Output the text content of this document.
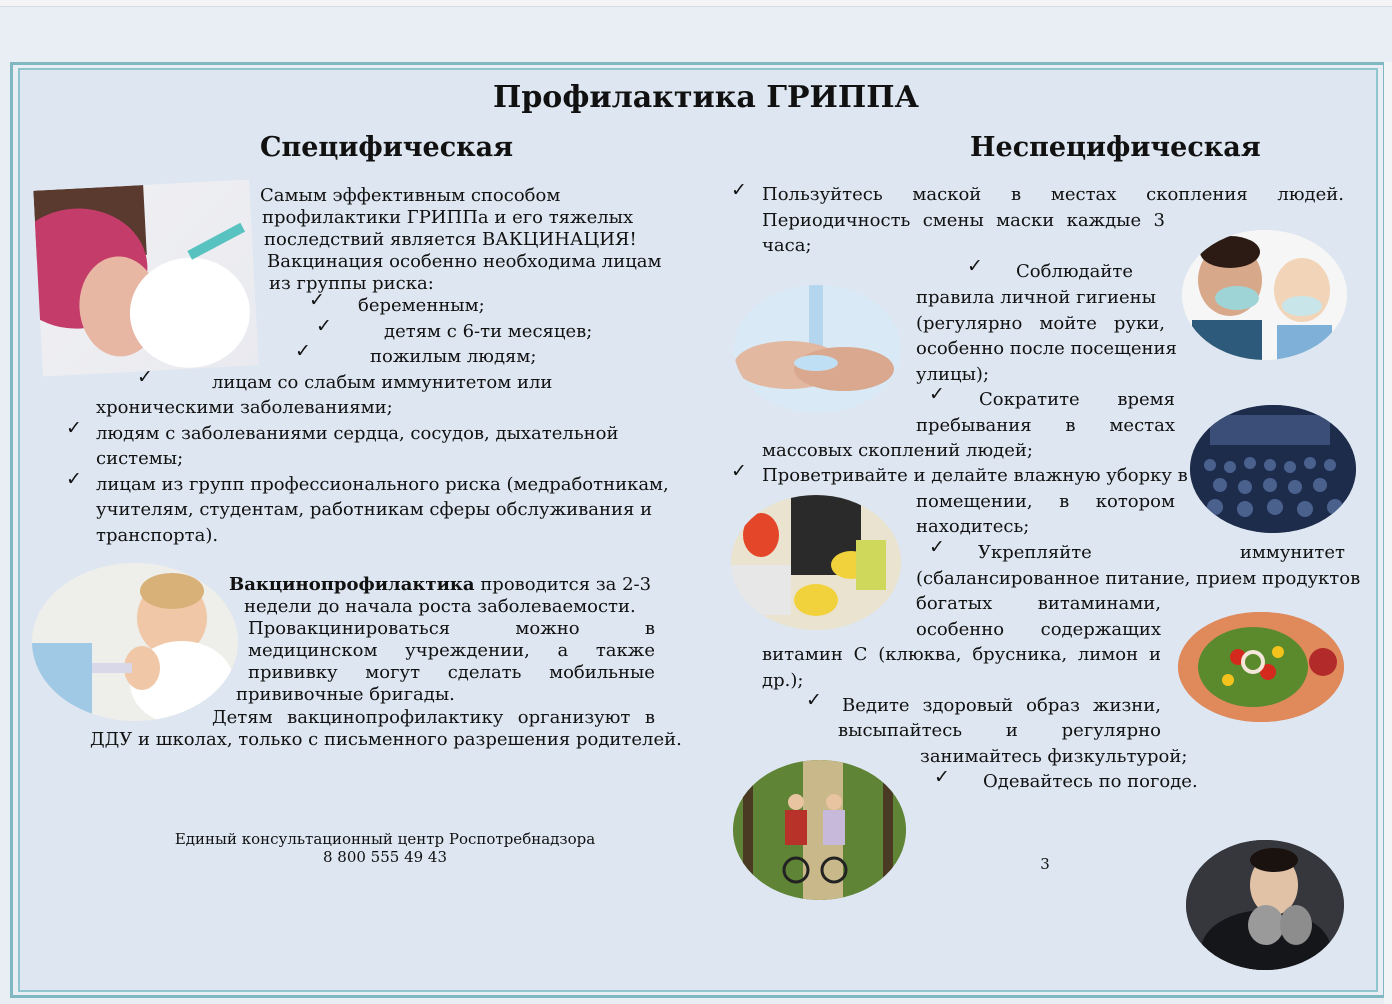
Профилактика ГРИППА
Специфическая
Самым эффективным способом
профилактики ГРИППа и его тяжелых
последствий является ВАКЦИНАЦИЯ!
Вакцинация особенно необходима лицам
из группы риска:
✓ беременным;
✓	детям с 6-ти месяцев;
✓	пожилым людям;
✓	лицам со слабым иммунитетом или
хроническими заболеваниями;
✓ людям с заболеваниями сердца, сосудов, дыхательной
системы;
✓ лицам из групп профессионального риска (медработникам,
учителям, студентам, работникам сферы обслуживания и
транспорта).
Вакцинопрофилактика проводится за 2-3
недели до начала роста заболеваемости.
Провакцинироваться	можно	в
медицинском учреждении, а также
прививку могут сделать мобильные
прививочные бригады.
Детям вакцинопрофилактику организуют в
ДДУ и школах, только с письменного разрешения родителей.
Единый консультационный центр Роспотребнадзора
8 800 555 49 43
Неспецифическая
✓ Пользуйтесь маской в местах скопления людей.
Периодичность смены маски каждые 3
часа;
✓ Соблюдайте
правила личной гигиены
(регулярно мойте руки,
особенно после посещения
улицы);
✓ Сократите время
пребывания в местах
массовых скоплений людей;
✓ Проветривайте и делайте влажную уборку в
помещении, в котором
находитесь;
✓ Укрепляйте	иммунитет
(сбалансированное питание, прием продуктов
богатых	витаминами,
особенно содержащих
витамин С (клюква, брусника, лимон и
др.);
✓ Ведите здоровый образ жизни,
высыпайтесь и регулярно
занимайтесь физкультурой;
✓ Одевайтесь по погоде.
3
